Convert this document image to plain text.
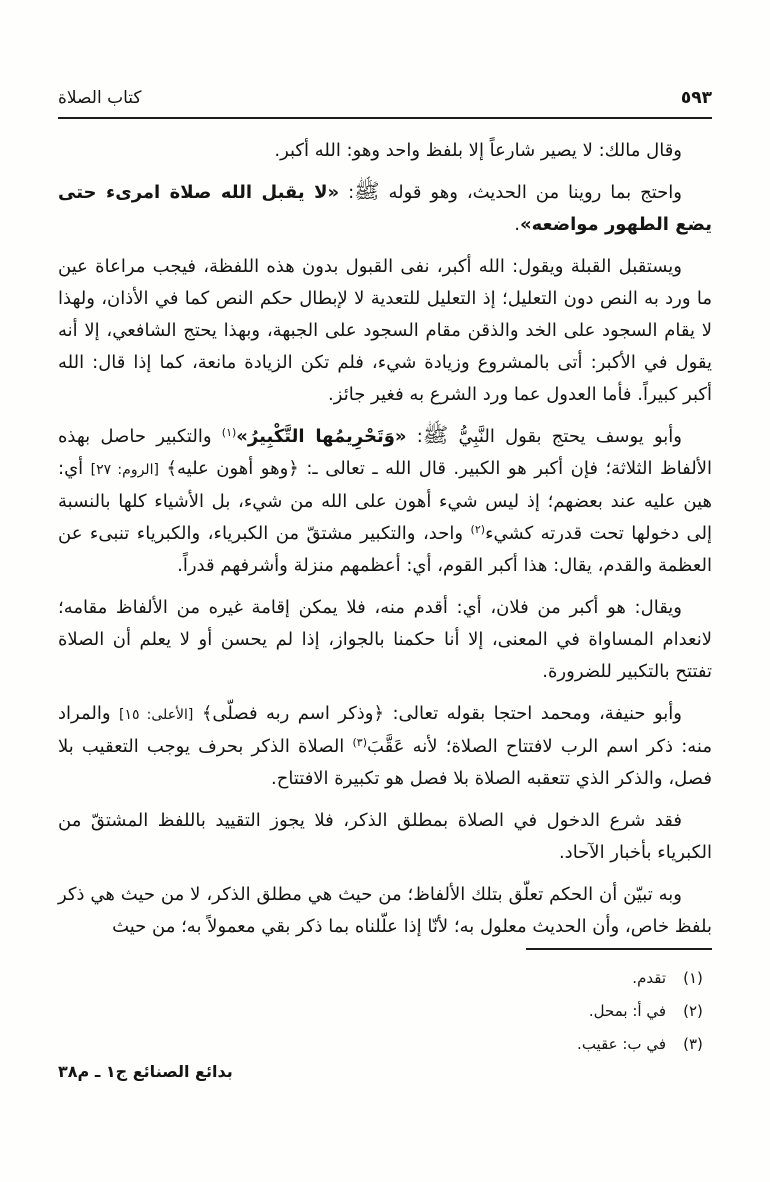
٥٩٣
كتاب الصلاة

وقال مالك: لا يصير شارعاً إلا بلفظ واحد وهو: الله أكبر.

واحتج بما روينا من الحديث، وهو قوله ﷺ: «لا يقبل الله صلاة امرىء حتى يضع الطهور مواضعه».

ويستقبل القبلة ويقول: الله أكبر، نفى القبول بدون هذه اللفظة، فيجب مراعاة عين ما ورد به النص دون التعليل؛ إذ التعليل للتعدية لا لإبطال حكم النص كما في الأذان، ولهذا لا يقام السجود على الخد والذقن مقام السجود على الجبهة، وبهذا يحتج الشافعي، إلا أنه يقول في الأكبر: أتى بالمشروع وزيادة شيء، فلم تكن الزيادة مانعة، كما إذا قال: الله أكبر كبيراً. فأما العدول عما ورد الشرع به فغير جائز.

وأبو يوسف يحتج بقول النَّبِيُّ ﷺ: «وَتَحْرِيمُها التَّكْبِيرُ»$^{(١)}$ والتكبير حاصل بهذه الألفاظ الثلاثة؛ فإن أكبر هو الكبير. قال الله ـ تعالى ـ: ﴿وهو أهون عليه﴾ [الروم: ٢٧] أي: هين عليه عند بعضهم؛ إذ ليس شيء أهون على الله من شيء، بل الأشياء كلها بالنسبة إلى دخولها تحت قدرته كشيء$^{(٢)}$ واحد، والتكبير مشتقّ من الكبرياء، والكبرياء تنبىء عن العظمة والقدم، يقال: هذا أكبر القوم، أي: أعظمهم منزلة وأشرفهم قدراً.

ويقال: هو أكبر من فلان، أي: أقدم منه، فلا يمكن إقامة غيره من الألفاظ مقامه؛ لانعدام المساواة في المعنى، إلا أنا حكمنا بالجواز، إذا لم يحسن أو لا يعلم أن الصلاة تفتتح بالتكبير للضرورة.

وأبو حنيفة، ومحمد احتجا بقوله تعالى: ﴿وذكر اسم ربه فصلّى﴾ [الأعلى: ١٥] والمراد منه: ذكر اسم الرب لافتتاح الصلاة؛ لأنه عَقَّبَ$^{(٣)}$ الصلاة الذكر بحرف يوجب التعقيب بلا فصل، والذكر الذي تتعقبه الصلاة بلا فصل هو تكبيرة الافتتاح.

فقد شرع الدخول في الصلاة بمطلق الذكر، فلا يجوز التقييد باللفظ المشتقّ من الكبرياء بأخبار الآحاد.

وبه تبيّن أن الحكم تعلّق بتلك الألفاظ؛ من حيث هي مطلق الذكر، لا من حيث هي ذكر بلفظ خاص، وأن الحديث معلول به؛ لأنّا إذا علّلناه بما ذكر بقي معمولاً به؛ من حيث

(١)
تقدم.
(٢)
في أ: بمحل.
(٣)
في ب: عقيب.
بدائع الصنائع ج١ ـ م٣٨
